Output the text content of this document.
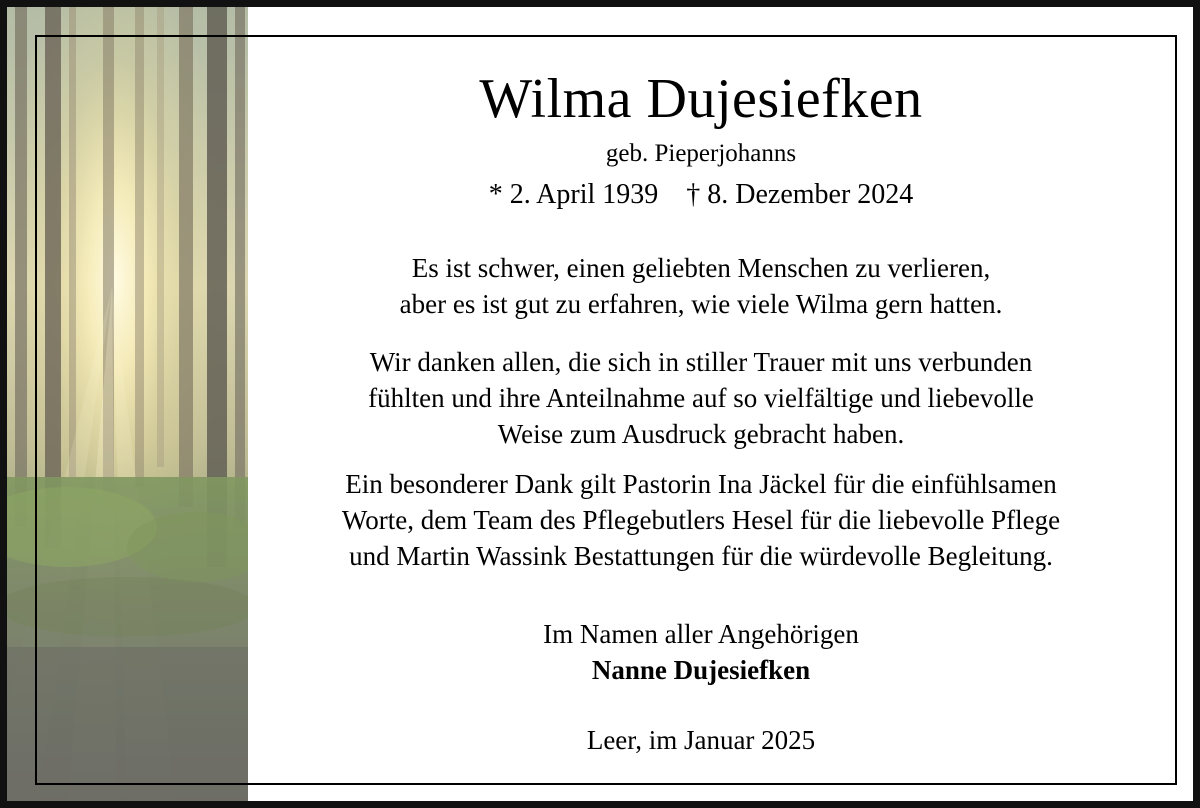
Wilma Dujesiefken
geb. Pieperjohanns
* 2. April 1939 † 8. Dezember 2024
Es ist schwer, einen geliebten Menschen zu verlieren,
aber es ist gut zu erfahren, wie viele Wilma gern hatten.
Wir danken allen, die sich in stiller Trauer mit uns verbunden
fühlten und ihre Anteilnahme auf so vielfältige und liebevolle
Weise zum Ausdruck gebracht haben.
Ein besonderer Dank gilt Pastorin Ina Jäckel für die einfühlsamen
Worte, dem Team des Pflegebutlers Hesel für die liebevolle Pflege
und Martin Wassink Bestattungen für die würdevolle Begleitung.
Im Namen aller Angehörigen
Nanne Dujesiefken
Leer, im Januar 2025
